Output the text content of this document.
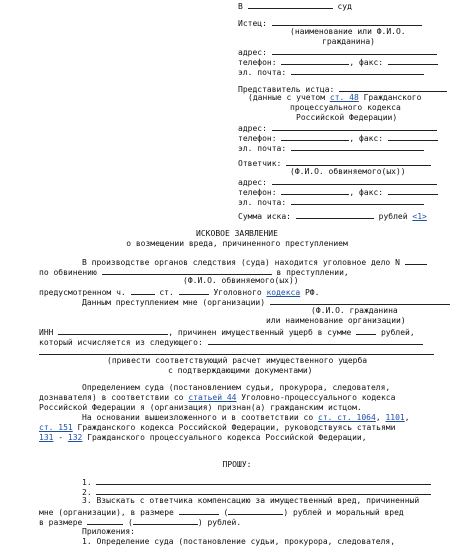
В	суд
Истец:
(наименование или Ф.И.О.
гражданина)
адрес:
телефон:	, факс:
эл. почта:
Представитель истца:
(данные с учетом ст. 48 Гражданского
процессуального кодекса
Российской Федерации)
адрес:
телефон:	, факс:
эл. почта:
Ответчик:
(Ф.И.О. обвиняемого(ых))
адрес:
телефон:	, факс:
эл. почта:
Сумма иска:	рублей <1>
ИСКОВОЕ ЗАЯВЛЕНИЕ
о возмещении вреда, причиненного преступлением
В производстве органов следствия (суда) находится уголовное дело N
по обвинению	в преступлении,
(Ф.И.О. обвиняемого(ых))
предусмотренном ч.	ст.	Уголовного кодекса РФ.
Данным преступлением мне (организации)
(Ф.И.О. гражданина
или наименование организации)
ИНН	, причинен имущественный ущерб в сумме	рублей,
который исчисляется из следующего:
(привести соответствующий расчет имущественного ущерба
с подтверждающими документами)
Определением суда (постановлением судьи, прокурора, следователя,
дознавателя) в соответствии со статьей 44 Уголовно-процессуального кодекса
Российской Федерации я (организация) признан(а) гражданским истцом.
На основании вышеизложенного и в соответствии со ст. ст. 1064, 1101,
ст. 151 Гражданского кодекса Российской Федерации, руководствуясь статьями
131 - 132 Гражданского процессуального кодекса Российской Федерации,
ПРОШУ:
1.
2.
3. Взыскать с ответчика компенсацию за имущественный вред, причиненный
мне (организации), в размере	(	) рублей и моральный вред
в размере	(	) рублей.
Приложения:
1. Определение суда (постановление судьи, прокурора, следователя,
